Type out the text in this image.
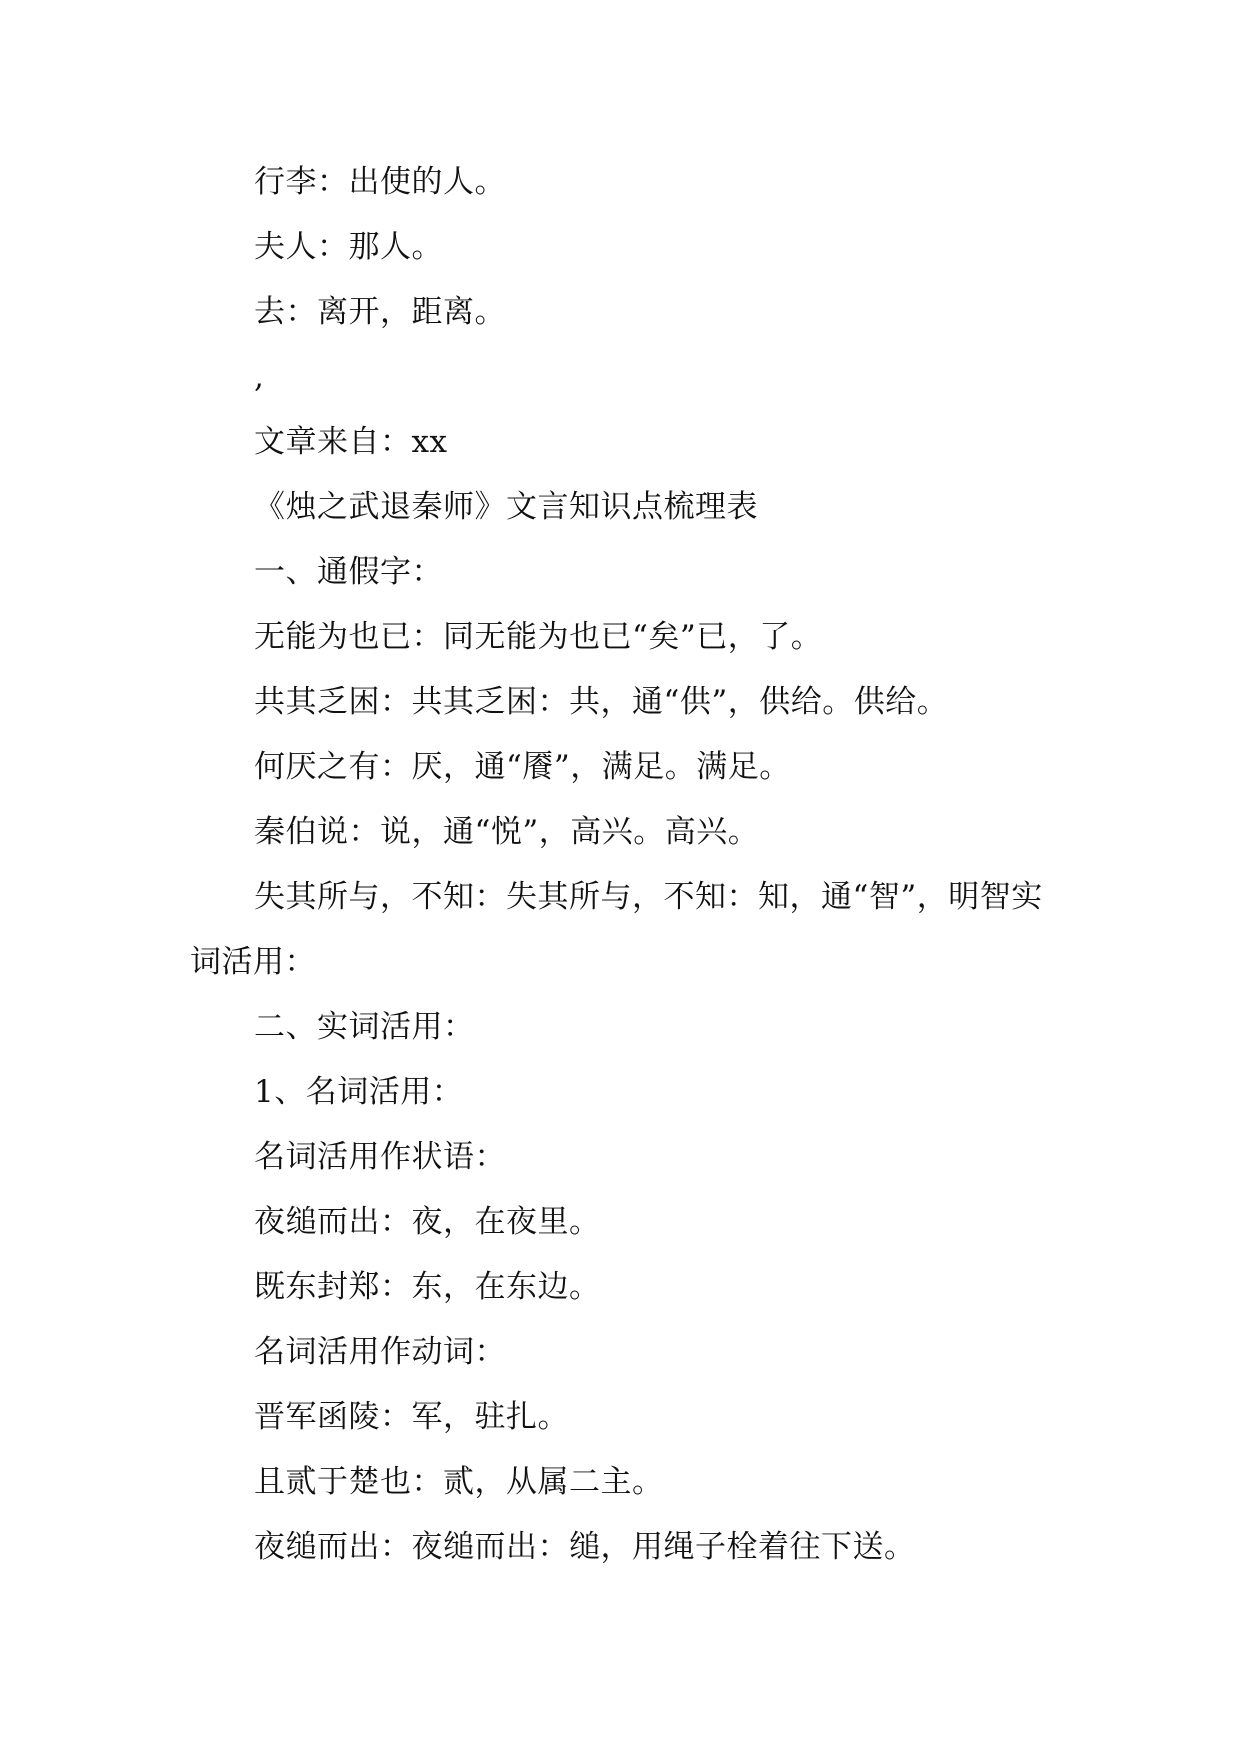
行李：出使的人。
夫人：那人。
去：离开，距离。
,
文章来自：xx
《烛之武退秦师》文言知识点梳理表
一、通假字：
无能为也已：同无能为也已“矣”已，了。
共其乏困：共其乏困：共，通“供”，供给。供给。
何厌之有：厌，通“餍”，满足。满足。
秦伯说：说，通“悦”，高兴。高兴。
失其所与，不知：失其所与，不知：知，通“智”，明智实词活用：
二、实词活用：
1、名词活用：
名词活用作状语：
夜缒而出：夜，在夜里。
既东封郑：东，在东边。
名词活用作动词：
晋军函陵：军，驻扎。
且贰于楚也：贰，从属二主。
夜缒而出：夜缒而出：缒，用绳子栓着往下送。
